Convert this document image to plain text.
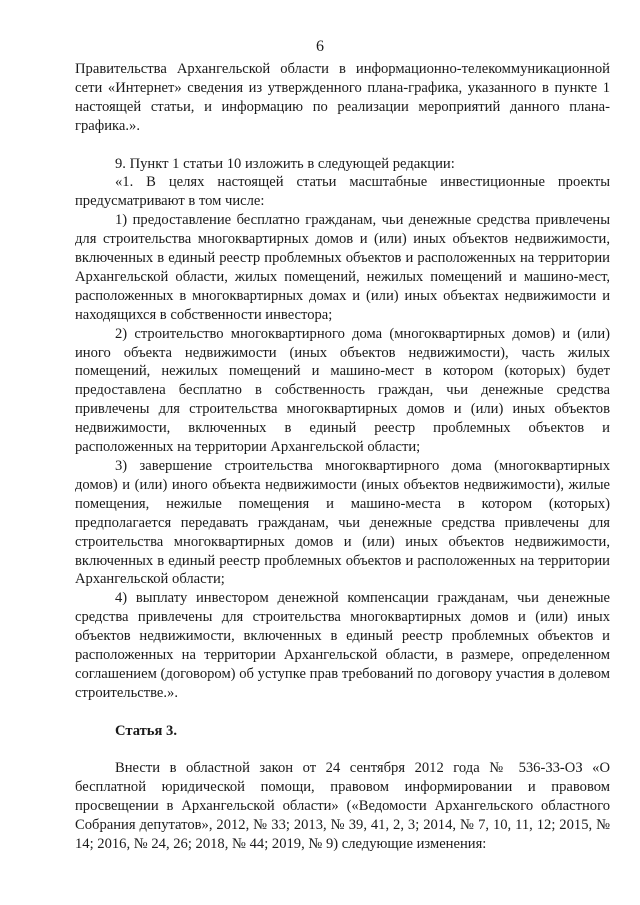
6

Правительства Архангельской области в информационно-телекоммуникационной сети «Интернет» сведения из утвержденного плана-графика, указанного в пункте 1 настоящей статьи, и информацию по реализации мероприятий данного плана-графика.».

9. Пункт 1 статьи 10 изложить в следующей редакции:

«1. В целях настоящей статьи масштабные инвестиционные проекты предусматривают в том числе:

1) предоставление бесплатно гражданам, чьи денежные средства привлечены для строительства многоквартирных домов и (или) иных объектов недвижимости, включенных в единый реестр проблемных объектов и расположенных на территории Архангельской области, жилых помещений, нежилых помещений и машино-мест, расположенных в многоквартирных домах и (или) иных объектах недвижимости и находящихся в собственности инвестора;

2) строительство многоквартирного дома (многоквартирных домов) и (или) иного объекта недвижимости (иных объектов недвижимости), часть жилых помещений, нежилых помещений и машино-мест в котором (которых) будет предоставлена бесплатно в собственность граждан, чьи денежные средства привлечены для строительства многоквартирных домов и (или) иных объектов недвижимости, включенных в единый реестр проблемных объектов и расположенных на территории Архангельской области;

3) завершение строительства многоквартирного дома (многоквартирных домов) и (или) иного объекта недвижимости (иных объектов недвижимости), жилые помещения, нежилые помещения и машино-места в котором (которых) предполагается передавать гражданам, чьи денежные средства привлечены для строительства многоквартирных домов и (или) иных объектов недвижимости, включенных в единый реестр проблемных объектов и расположенных на территории Архангельской области;

4) выплату инвестором денежной компенсации гражданам, чьи денежные средства привлечены для строительства многоквартирных домов и (или) иных объектов недвижимости, включенных в единый реестр проблемных объектов и расположенных на территории Архангельской области, в размере, определенном соглашением (договором) об уступке прав требований по договору участия в долевом строительстве.».

Статья 3.

Внести в областной закон от 24 сентября 2012 года № 536-33-ОЗ «О бесплатной юридической помощи, правовом информировании и правовом просвещении в Архангельской области» («Ведомости Архангельского областного Собрания депутатов», 2012, № 33; 2013, № 39, 41, 2, 3; 2014, № 7, 10, 11, 12; 2015, № 14; 2016, № 24, 26; 2018, № 44; 2019, № 9) следующие изменения:
